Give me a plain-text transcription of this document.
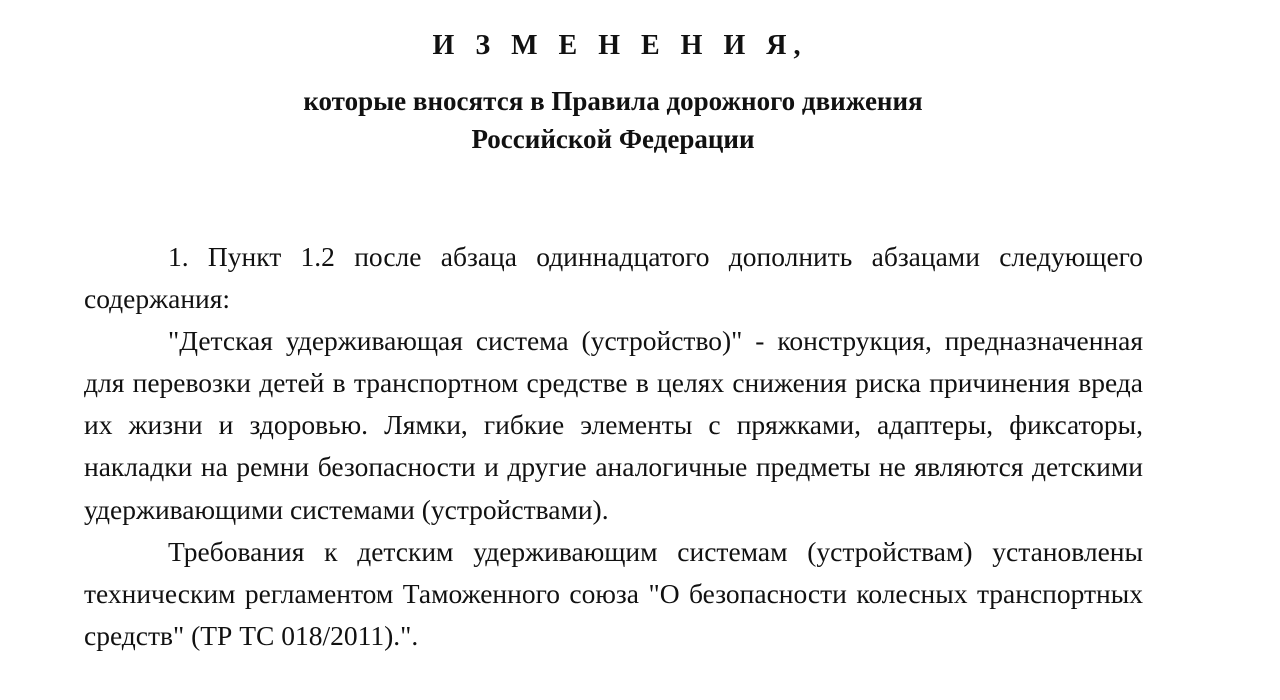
И З М Е Н Е Н И Я,
которые вносятся в Правила дорожного движения
Российской Федерации

1. Пункт 1.2 после абзаца одиннадцатого дополнить абзацами следующего содержания:

"Детская удерживающая система (устройство)" - конструкция, предназначенная для перевозки детей в транспортном средстве в целях снижения риска причинения вреда их жизни и здоровью. Лямки, гибкие элементы с пряжками, адаптеры, фиксаторы, накладки на ремни безопасности и другие аналогичные предметы не являются детскими удерживающими системами (устройствами).

Требования к детским удерживающим системам (устройствам) установлены техническим регламентом Таможенного союза "О безопасности колесных транспортных средств" (ТР ТС 018/2011).".
